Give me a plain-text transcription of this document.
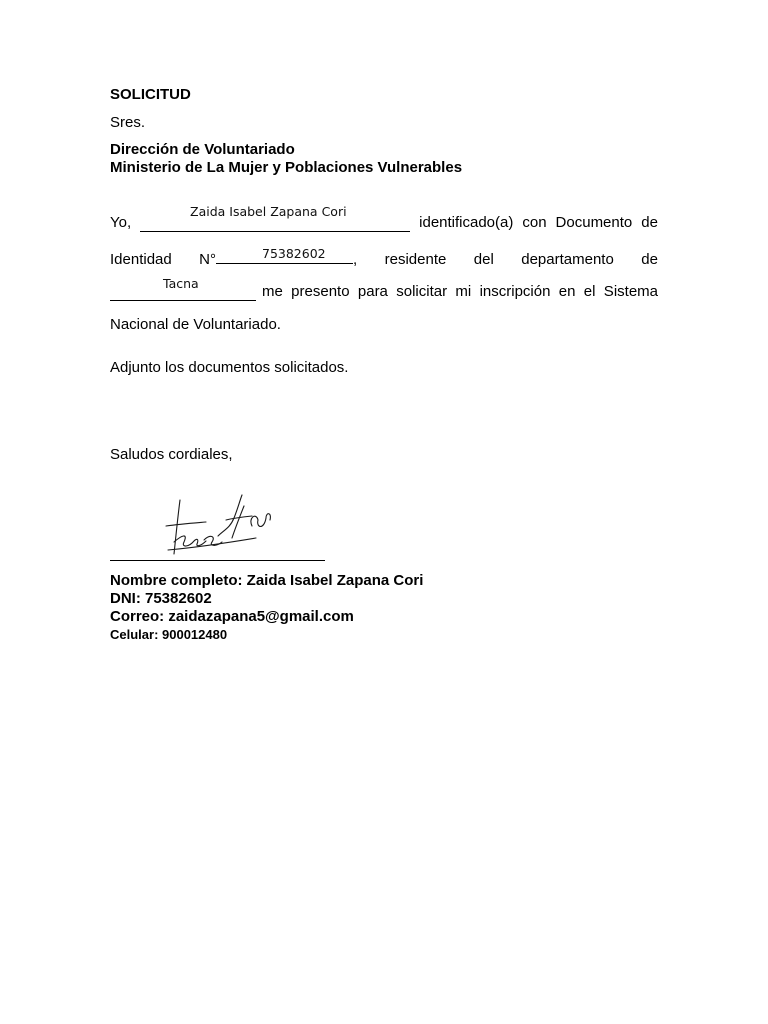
SOLICITUD
Sres.
Dirección de Voluntariado
Ministerio de La Mujer y Poblaciones Vulnerables
Yo,	identificado(a) con Documento de
Zaida Isabel Zapana Cori
Identidad N°	, residente del departamento de
75382602
me presento para solicitar mi inscripción en el Sistema
Tacna
Nacional de Voluntariado.
Adjunto los documentos solicitados.
Saludos cordiales,
Nombre completo: Zaida Isabel Zapana Cori
DNI: 75382602
Correo: zaidazapana5@gmail.com
Celular: 900012480
